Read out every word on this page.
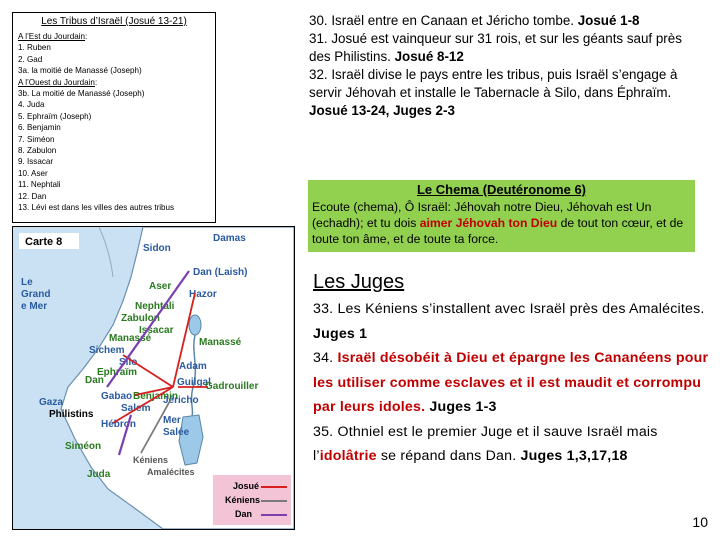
Les Tribus d’Israël (Josué 13-21)
A l’Est du Jourdain:
1. Ruben
2. Gad
3a. la moitié de Manassé (Joseph)
A l’Ouest du Jourdain:
3b. La moitié de Manassé (Joseph)
4. Juda
5. Ephraïm (Joseph)
6. Benjamin
7. Siméon
8. Zabulon
9. Issacar
10. Aser
11. Nephtali
12. Dan
13. Lévi est dans les villes des autres tribus
Carte 8
Sidon
Damas
Dan (Laish)
Aser
Hazor
Nephtali
Zabulon
Issacar
Le
Grand
e Mer
Manassé	Manassé
Sichem
Adam
Silo
Ephraïm
Guilgal
Gadrouiller
Dan
Gabao Benjamin
Jéricho
Salem
Gaza
Philistins
Hébron	Mer
Salée
Siméon
Juda
Kéniens
Amalécites
Josué
Kéniens
Dan
30. Israël entre en Canaan et Jéricho tombe. Josué 1-8
31. Josué est vainqueur sur 31 rois, et sur les géants sauf près des Philistins. Josué 8-12
32. Israël divise le pays entre les tribus, puis Israël s’engage à servir Jéhovah et installe le Tabernacle à Silo, dans Éphraïm. Josué 13-24, Juges 2-3
Le Chema (Deutéronome 6)
Ecoute (chema), Ô Israël: Jéhovah notre Dieu, Jéhovah est Un (echadh); et tu dois aimer Jéhovah ton Dieu de tout ton cœur, et de toute ton âme, et de toute ta force.
Les Juges
33. Les Kéniens s’installent avec Israël près des Amalécites. Juges 1
34. Israël désobéit à Dieu et épargne les Cananéens pour les utiliser comme esclaves et il est maudit et corrompu par leurs idoles. Juges 1-3
35. Othniel est le premier Juge et il sauve Israël mais l’idolâtrie se répand dans Dan. Juges 1,3,17,18
10
